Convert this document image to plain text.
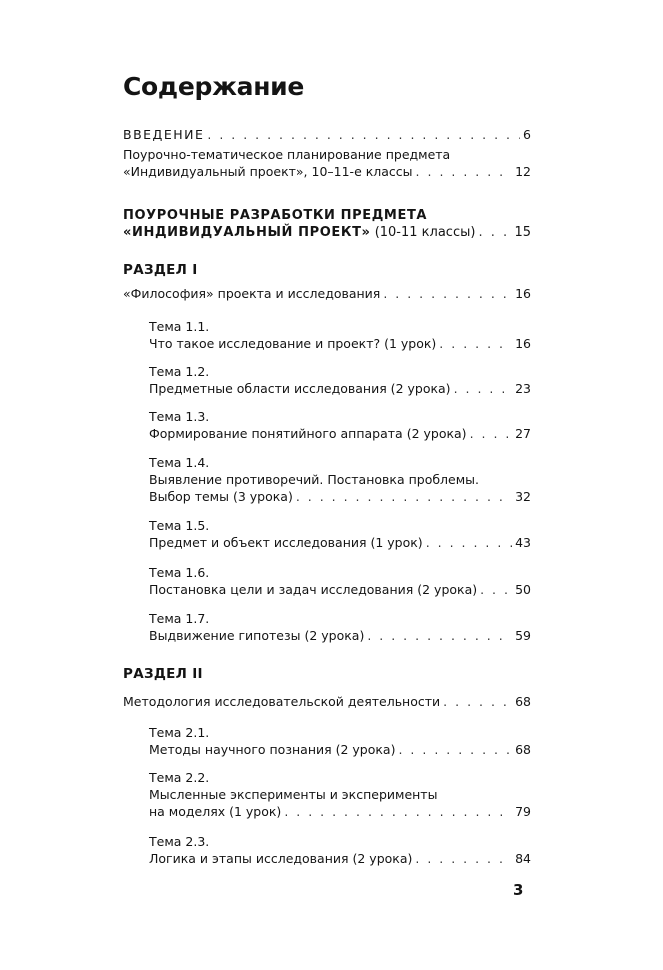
Содержание
ВВЕДЕНИЕ . . .	6
Поурочно-тематическое планирование предмета
«Индивидуальный проект», 10–11-е классы . . .	12
ПОУРОЧНЫЕ РАЗРАБОТКИ ПРЕДМЕТА
«ИНДИВИДУАЛЬНЫЙ ПРОЕКТ» (10-11 классы) . . .	15
РАЗДЕЛ I
«Философия» проекта и исследования . . .	16
Тема 1.1.
Что такое исследование и проект? (1 урок) . . .	16
Тема 1.2.
Предметные области исследования (2 урока) . . .	23
Тема 1.3.
Формирование понятийного аппарата (2 урока) . . .	27
Тема 1.4.
Выявление противоречий. Постановка проблемы.
Выбор темы (3 урока) . . .	32
Тема 1.5.
Предмет и объект исследования (1 урок) . . .	43
Тема 1.6.
Постановка цели и задач исследования (2 урока) . . .	50
Тема 1.7.
Выдвижение гипотезы (2 урока) . . .	59
РАЗДЕЛ II
Методология исследовательской деятельности . . .	68
Тема 2.1.
Методы научного познания (2 урока) . . .	68
Тема 2.2.
Мысленные эксперименты и эксперименты
на моделях (1 урок) . . .	79
Тема 2.3.
Логика и этапы исследования (2 урока) . . .	84
3
